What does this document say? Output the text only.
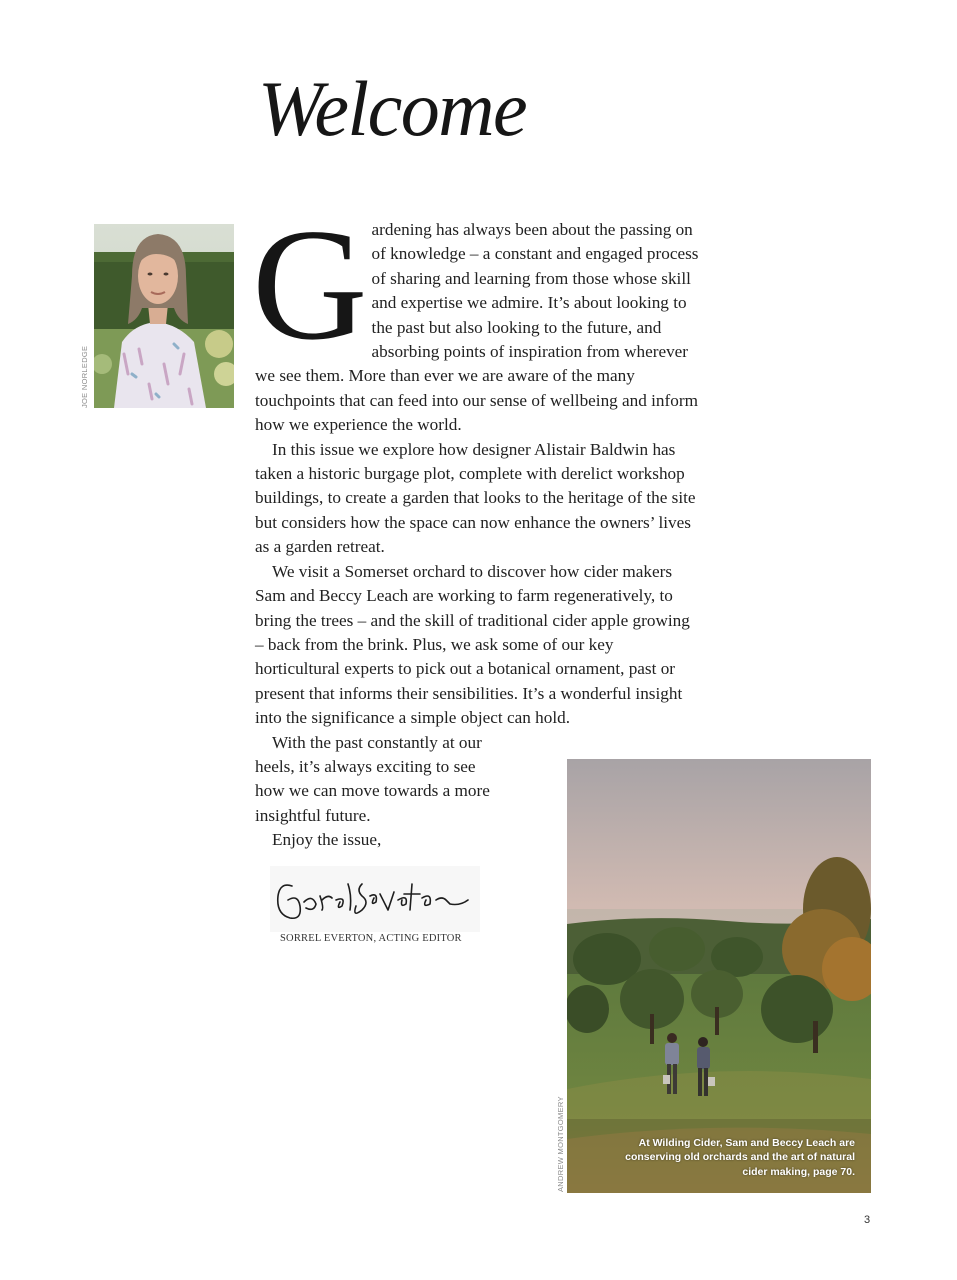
Welcome
JOE NORLEDGE
G ardening has always been about the passing on of knowledge – a constant and engaged process of sharing and learning from those whose skill and expertise we admire. It’s about looking to the past but also looking to the future, and absorbing points of inspiration from wherever we see them. More than ever we are aware of the many touchpoints that can feed into our sense of wellbeing and inform how we experience the world.

In this issue we explore how designer Alistair Baldwin has taken a historic burgage plot, complete with derelict workshop buildings, to create a garden that looks to the heritage of the site but considers how the space can now enhance the owners’ lives as a garden retreat.

We visit a Somerset orchard to discover how cider makers Sam and Beccy Leach are working to farm regeneratively, to bring the trees – and the skill of traditional cider apple growing – back from the brink. Plus, we ask some of our key horticultural experts to pick out a botanical ornament, past or present that informs their sensibilities. It’s a wonderful insight into the significance a simple object can hold.

With the past constantly at our heels, it’s always exciting to see how we can move towards a more insightful future.

Enjoy the issue,

SORREL EVERTON, ACTING EDITOR
At Wilding Cider, Sam and Beccy Leach are conserving old orchards and the art of natural cider making, page 70.
ANDREW MONTGOMERY
3
